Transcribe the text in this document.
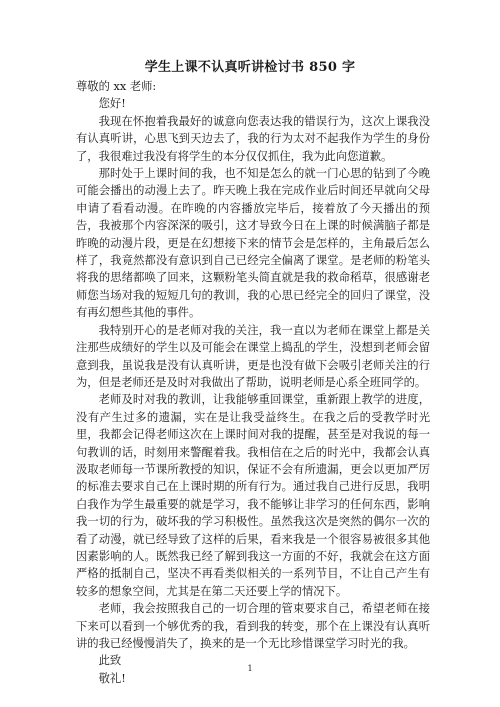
学生上课不认真听讲检讨书 850 字

尊敬的 xx 老师:

您好!

我现在怀抱着我最好的诚意向您表达我的错误行为，这次上课我没有认真听讲，心思飞到天边去了，我的行为太对不起我作为学生的身份了，我很难过我没有将学生的本分仅仅抓住，我为此向您道歉。

那时处于上课时间的我，也不知是怎么的就一门心思的钻到了今晚可能会播出的动漫上去了。昨天晚上我在完成作业后时间还早就向父母申请了看看动漫。在昨晚的内容播放完毕后，接着放了今天播出的预告，我被那个内容深深的吸引，这才导致今日在上课的时候满脑子都是昨晚的动漫片段，更是在幻想接下来的情节会是怎样的，主角最后怎么样了，我竟然都没有意识到自己已经完全偏离了课堂。是老师的粉笔头将我的思绪都唤了回来，这颗粉笔头简直就是我的救命稻草，很感谢老师您当场对我的短短几句的教训，我的心思已经完全的回归了课堂，没有再幻想些其他的事件。

我特别开心的是老师对我的关注，我一直以为老师在课堂上都是关注那些成绩好的学生以及可能会在课堂上捣乱的学生，没想到老师会留意到我，虽说我是没有认真听讲，更是也没有做下会吸引老师关注的行为，但是老师还是及时对我做出了帮助，说明老师是心系全班同学的。

老师及时对我的教训，让我能够重回课堂，重新跟上教学的进度，没有产生过多的遗漏，实在是让我受益终生。在我之后的受教学时光里，我都会记得老师这次在上课时间对我的提醒，甚至是对我说的每一句教训的话，时刻用来警醒着我。我相信在之后的时光中，我都会认真汲取老师每一节课所教授的知识，保证不会有所遗漏，更会以更加严厉的标准去要求自己在上课时期的所有行为。通过我自己进行反思，我明白我作为学生最重要的就是学习，我不能够让非学习的任何东西，影响我一切的行为，破坏我的学习积极性。虽然我这次是突然的偶尔一次的看了动漫，就已经导致了这样的后果，看来我是一个很容易被很多其他因素影响的人。既然我已经了解到我这一方面的不好，我就会在这方面严格的抵制自己，坚决不再看类似相关的一系列节目，不让自己产生有较多的想象空间，尤其是在第二天还要上学的情况下。

老师，我会按照我自己的一切合理的管束要求自己，希望老师在接下来可以看到一个够优秀的我，看到我的转变，那个在上课没有认真听讲的我已经慢慢消失了，换来的是一个无比珍惜课堂学习时光的我。

此致

敬礼!

1
